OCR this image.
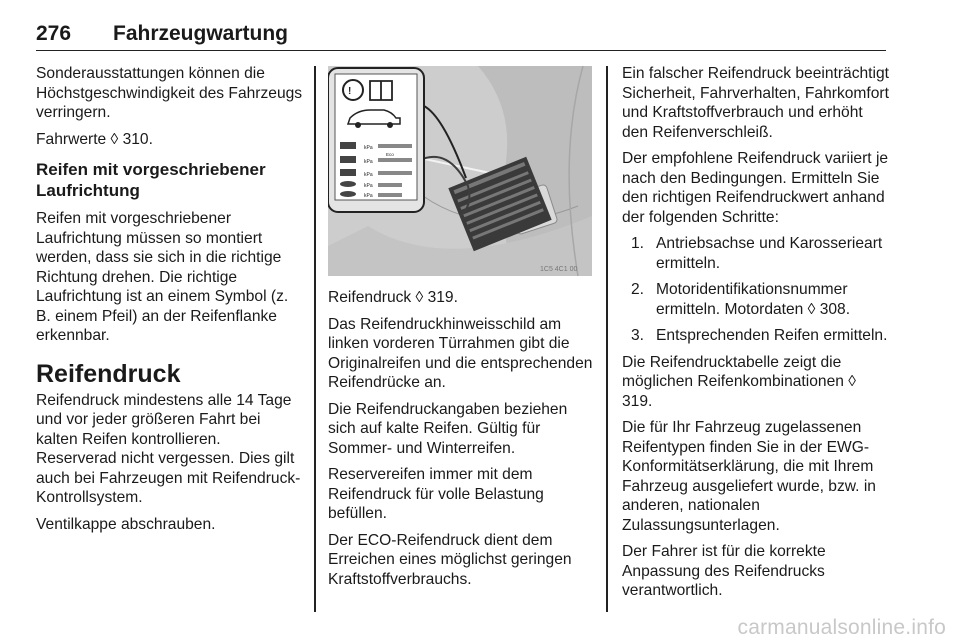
276 Fahrzeugwartung

Sonderausstattungen können die Höchstgeschwindigkeit des Fahrzeugs verringern.

Fahrwerte ◊ 310.

Reifen mit vorgeschriebener Laufrichtung

Reifen mit vorgeschriebener Laufrichtung müssen so montiert werden, dass sie sich in die richtige Richtung drehen. Die richtige Laufrichtung ist an einem Symbol (z. B. einem Pfeil) an der Reifenflanke erkennbar.

Reifendruck

Reifendruck mindestens alle 14 Tage und vor jeder größeren Fahrt bei kalten Reifen kontrollieren. Reserverad nicht vergessen. Dies gilt auch bei Fahrzeugen mit Reifendruck-Kontrollsystem.

Ventilkappe abschrauben.

!
kPa
kPa
Eco
kPa
kPa
kPa
1C5 4C1 00

Reifendruck ◊ 319.

Das Reifendruckhinweisschild am linken vorderen Türrahmen gibt die Originalreifen und die entsprechenden Reifendrücke an.

Die Reifendruckangaben beziehen sich auf kalte Reifen. Gültig für Sommer- und Winterreifen.

Reservereifen immer mit dem Reifendruck für volle Belastung befüllen.

Der ECO-Reifendruck dient dem Erreichen eines möglichst geringen Kraftstoffverbrauchs.

Ein falscher Reifendruck beeinträchtigt Sicherheit, Fahrverhalten, Fahrkomfort und Kraftstoffverbrauch und erhöht den Reifenverschleiß.

Der empfohlene Reifendruck variiert je nach den Bedingungen. Ermitteln Sie den richtigen Reifendruckwert anhand der folgenden Schritte:

1. Antriebsachse und Karosserieart ermitteln.
2. Motoridentifikationsnummer ermitteln. Motordaten ◊ 308.
3. Entsprechenden Reifen ermitteln.

Die Reifendrucktabelle zeigt die möglichen Reifenkombinationen ◊ 319.

Die für Ihr Fahrzeug zugelassenen Reifentypen finden Sie in der EWG-Konformitätserklärung, die mit Ihrem Fahrzeug ausgeliefert wurde, bzw. in anderen, nationalen Zulassungsunterlagen.

Der Fahrer ist für die korrekte Anpassung des Reifendrucks verantwortlich.

carmanualsonline.info
